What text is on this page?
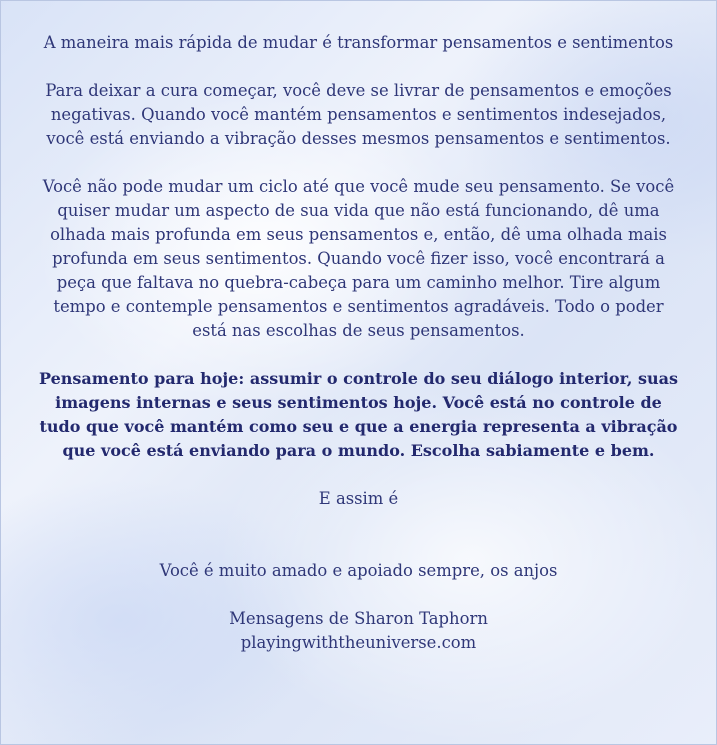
A maneira mais rápida de mudar é transformar pensamentos e sentimentos

Para deixar a cura começar, você deve se livrar de pensamentos e emoções negativas. Quando você mantém pensamentos e sentimentos indesejados, você está enviando a vibração desses mesmos pensamentos e sentimentos.

Você não pode mudar um ciclo até que você mude seu pensamento. Se você quiser mudar um aspecto de sua vida que não está funcionando, dê uma olhada mais profunda em seus pensamentos e, então, dê uma olhada mais profunda em seus sentimentos. Quando você fizer isso, você encontrará a peça que faltava no quebra-cabeça para um caminho melhor. Tire algum tempo e contemple pensamentos e sentimentos agradáveis. Todo o poder está nas escolhas de seus pensamentos.

Pensamento para hoje: assumir o controle do seu diálogo interior, suas imagens internas e seus sentimentos hoje. Você está no controle de tudo que você mantém como seu e que a energia representa a vibração que você está enviando para o mundo. Escolha sabiamente e bem.

E assim é

Você é muito amado e apoiado sempre, os anjos

Mensagens de Sharon Taphorn

playingwiththeuniverse.com
